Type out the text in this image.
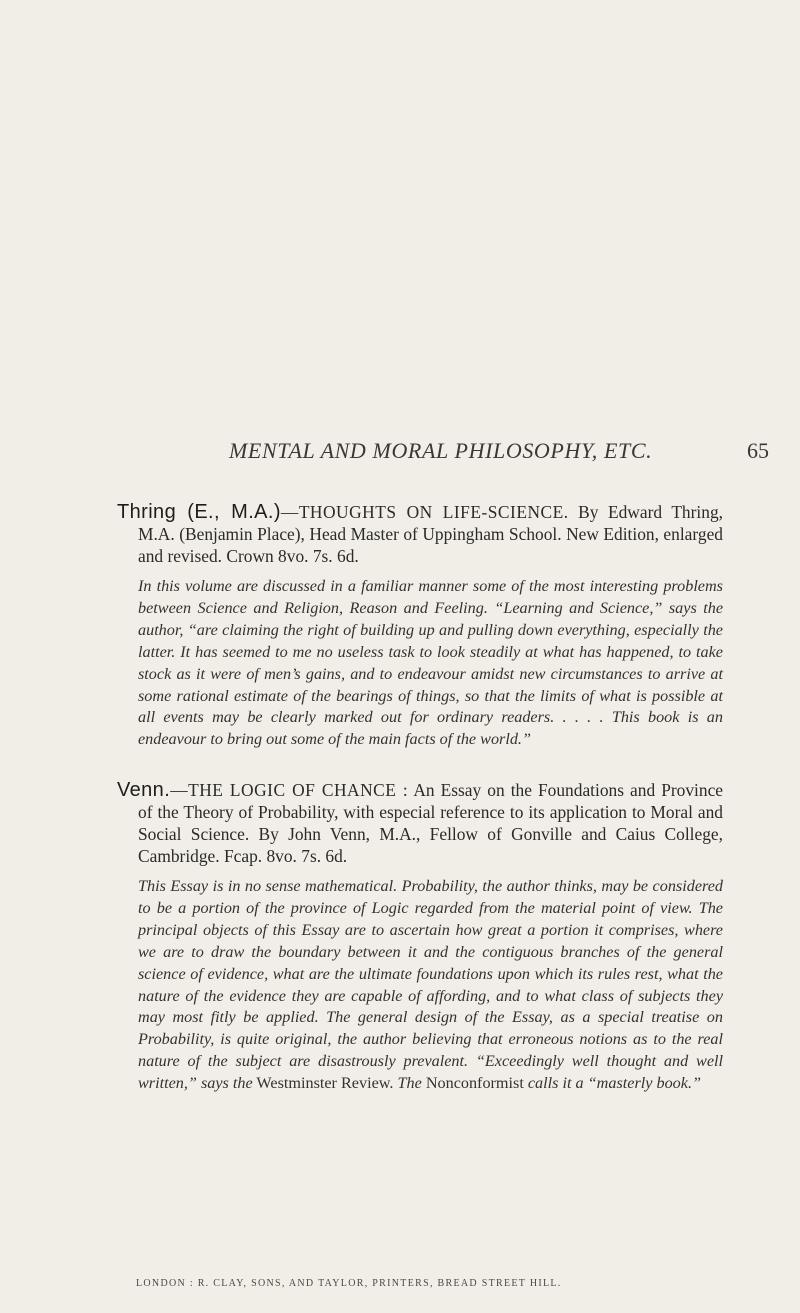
MENTAL AND MORAL PHILOSOPHY, ETC.	65

Thring (E., M.A.)—THOUGHTS ON LIFE-SCIENCE. By Edward Thring, M.A. (Benjamin Place), Head Master of Uppingham School. New Edition, enlarged and revised. Crown 8vo. 7s. 6d.

In this volume are discussed in a familiar manner some of the most interesting problems between Science and Religion, Reason and Feeling. “Learning and Science,” says the author, “are claiming the right of building up and pulling down everything, especially the latter. It has seemed to me no useless task to look steadily at what has happened, to take stock as it were of men’s gains, and to endeavour amidst new circumstances to arrive at some rational estimate of the bearings of things, so that the limits of what is possible at all events may be clearly marked out for ordinary readers. . . . . This book is an endeavour to bring out some of the main facts of the world.”

Venn.—THE LOGIC OF CHANCE : An Essay on the Foundations and Province of the Theory of Probability, with especial reference to its application to Moral and Social Science. By John Venn, M.A., Fellow of Gonville and Caius College, Cambridge. Fcap. 8vo. 7s. 6d.

This Essay is in no sense mathematical. Probability, the author thinks, may be considered to be a portion of the province of Logic regarded from the material point of view. The principal objects of this Essay are to ascertain how great a portion it comprises, where we are to draw the boundary between it and the contiguous branches of the general science of evidence, what are the ultimate foundations upon which its rules rest, what the nature of the evidence they are capable of affording, and to what class of subjects they may most fitly be applied. The general design of the Essay, as a special treatise on Probability, is quite original, the author believing that erroneous notions as to the real nature of the subject are disastrously prevalent. “Exceedingly well thought and well written,” says the Westminster Review. The Nonconformist calls it a “masterly book.”

LONDON : R. CLAY, SONS, AND TAYLOR, PRINTERS, BREAD STREET HILL.
